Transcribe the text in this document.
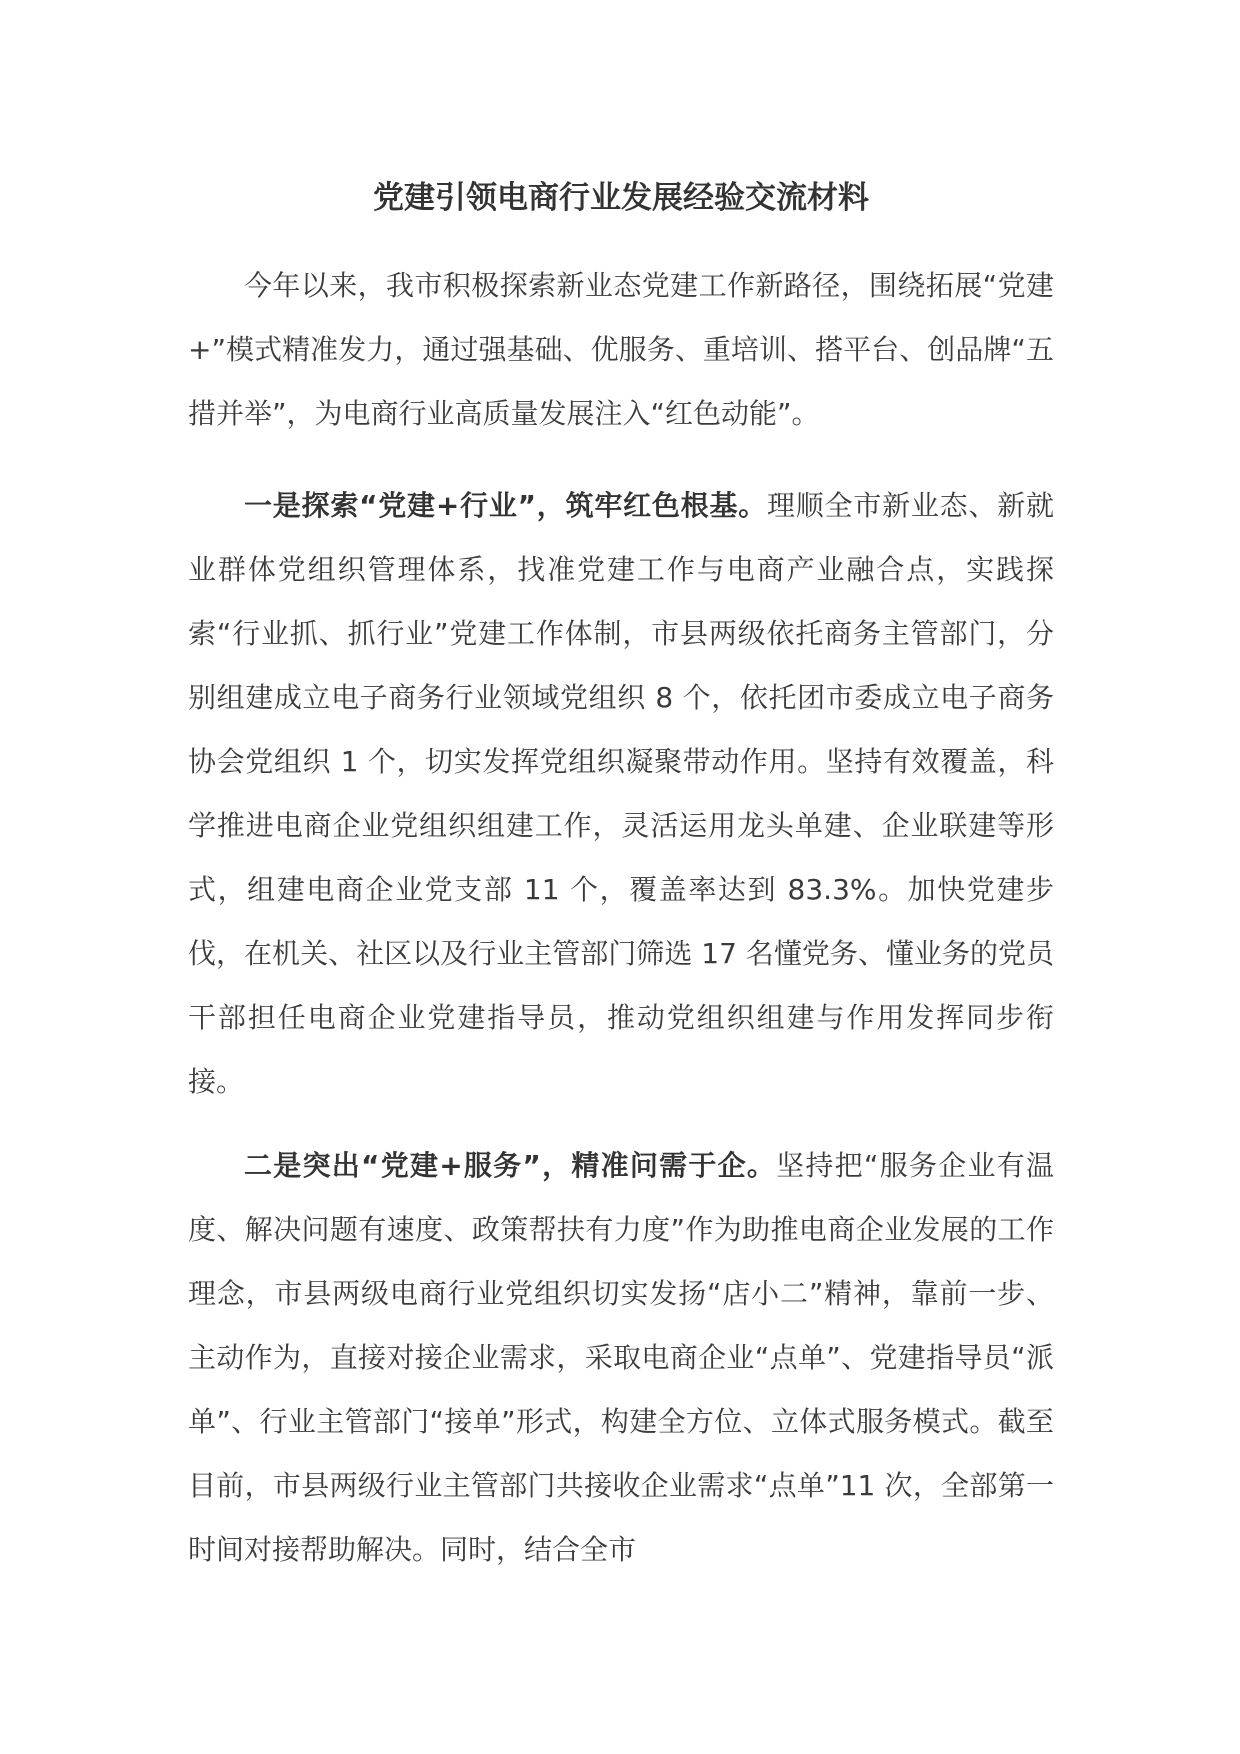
党建引领电商行业发展经验交流材料

今年以来，我市积极探索新业态党建工作新路径，围绕拓展“党建+”模式精准发力，通过强基础、优服务、重培训、搭平台、创品牌“五措并举”，为电商行业高质量发展注入“红色动能”。

一是探索“党建+行业”，筑牢红色根基。理顺全市新业态、新就业群体党组织管理体系，找准党建工作与电商产业融合点，实践探索“行业抓、抓行业”党建工作体制，市县两级依托商务主管部门，分别组建成立电子商务行业领域党组织 8 个，依托团市委成立电子商务协会党组织 1 个，切实发挥党组织凝聚带动作用。坚持有效覆盖，科学推进电商企业党组织组建工作，灵活运用龙头单建、企业联建等形式，组建电商企业党支部 11 个，覆盖率达到 83.3%。加快党建步伐，在机关、社区以及行业主管部门筛选 17 名懂党务、懂业务的党员干部担任电商企业党建指导员，推动党组织组建与作用发挥同步衔接。

二是突出“党建+服务”，精准问需于企。坚持把“服务企业有温度、解决问题有速度、政策帮扶有力度”作为助推电商企业发展的工作理念，市县两级电商行业党组织切实发扬“店小二”精神，靠前一步、主动作为，直接对接企业需求，采取电商企业“点单”、党建指导员“派单”、行业主管部门“接单”形式，构建全方位、立体式服务模式。截至目前，市县两级行业主管部门共接收企业需求“点单”11 次，全部第一时间对接帮助解决。同时，结合全市
